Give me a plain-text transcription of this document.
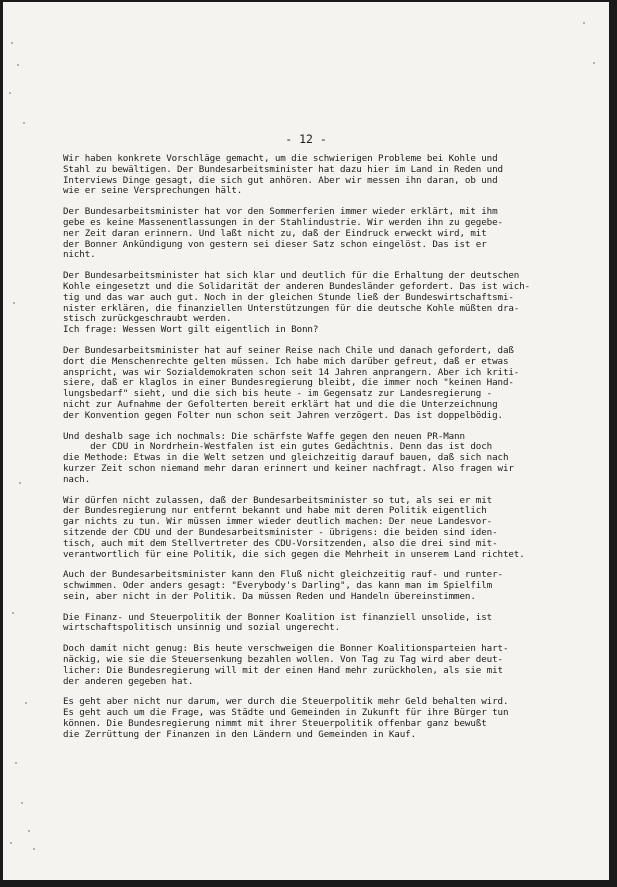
- 12 -
Wir haben konkrete Vorschläge gemacht, um die schwierigen Probleme bei Kohle und
Stahl zu bewältigen. Der Bundesarbeitsminister hat dazu hier im Land in Reden und
Interviews Dinge gesagt, die sich gut anhören. Aber wir messen ihn daran, ob und
wie er seine Versprechungen hält.
Der Bundesarbeitsminister hat vor den Sommerferien immer wieder erklärt, mit ihm
gebe es keine Massenentlassungen in der Stahlindustrie. Wir werden ihn zu gegebe-
ner Zeit daran erinnern. Und laßt nicht zu, daß der Eindruck erweckt wird, mit
der Bonner Ankündigung von gestern sei dieser Satz schon eingelöst. Das ist er
nicht.
Der Bundesarbeitsminister hat sich klar und deutlich für die Erhaltung der deutschen
Kohle eingesetzt und die Solidarität der anderen Bundesländer gefordert. Das ist wich-
tig und das war auch gut. Noch in der gleichen Stunde ließ der Bundeswirtschaftsmi-
nister erklären, die finanziellen Unterstützungen für die deutsche Kohle müßten dra-
stisch zurückgeschraubt werden.
Ich frage: Wessen Wort gilt eigentlich in Bonn?
Der Bundesarbeitsminister hat auf seiner Reise nach Chile und danach gefordert, daß
dort die Menschenrechte gelten müssen. Ich habe mich darüber gefreut, daß er etwas
anspricht, was wir Sozialdemokraten schon seit 14 Jahren anprangern. Aber ich kriti-
siere, daß er klaglos in einer Bundesregierung bleibt, die immer noch "keinen Hand-
lungsbedarf" sieht, und die sich bis heute - im Gegensatz zur Landesregierung -
nicht zur Aufnahme der Gefolterten bereit erklärt hat und die die Unterzeichnung
der Konvention gegen Folter nun schon seit Jahren verzögert. Das ist doppelbödig.
Und deshalb sage ich nochmals: Die schärfste Waffe gegen den neuen PR-Mann
der CDU in Nordrhein-Westfalen ist ein gutes Gedächtnis. Denn das ist doch
die Methode: Etwas in die Welt setzen und gleichzeitig darauf bauen, daß sich nach
kurzer Zeit schon niemand mehr daran erinnert und keiner nachfragt. Also fragen wir
nach.
Wir dürfen nicht zulassen, daß der Bundesarbeitsminister so tut, als sei er mit
der Bundesregierung nur entfernt bekannt und habe mit deren Politik eigentlich
gar nichts zu tun. Wir müssen immer wieder deutlich machen: Der neue Landesvor-
sitzende der CDU und der Bundesarbeitsminister - übrigens: die beiden sind iden-
tisch, auch mit dem Stellvertreter des CDU-Vorsitzenden, also die drei sind mit-
verantwortlich für eine Politik, die sich gegen die Mehrheit in unserem Land richtet.
Auch der Bundesarbeitsminister kann den Fluß nicht gleichzeitig rauf- und runter-
schwimmen. Oder anders gesagt: "Everybody's Darling", das kann man im Spielfilm
sein, aber nicht in der Politik. Da müssen Reden und Handeln übereinstimmen.
Die Finanz- und Steuerpolitik der Bonner Koalition ist finanziell unsolide, ist
wirtschaftspolitisch unsinnig und sozial ungerecht.
Doch damit nicht genug: Bis heute verschweigen die Bonner Koalitionsparteien hart-
näckig, wie sie die Steuersenkung bezahlen wollen. Von Tag zu Tag wird aber deut-
licher: Die Bundesregierung will mit der einen Hand mehr zurückholen, als sie mit
der anderen gegeben hat.
Es geht aber nicht nur darum, wer durch die Steuerpolitik mehr Geld behalten wird.
Es geht auch um die Frage, was Städte und Gemeinden in Zukunft für ihre Bürger tun
können. Die Bundesregierung nimmt mit ihrer Steuerpolitik offenbar ganz bewußt
die Zerrüttung der Finanzen in den Ländern und Gemeinden in Kauf.
